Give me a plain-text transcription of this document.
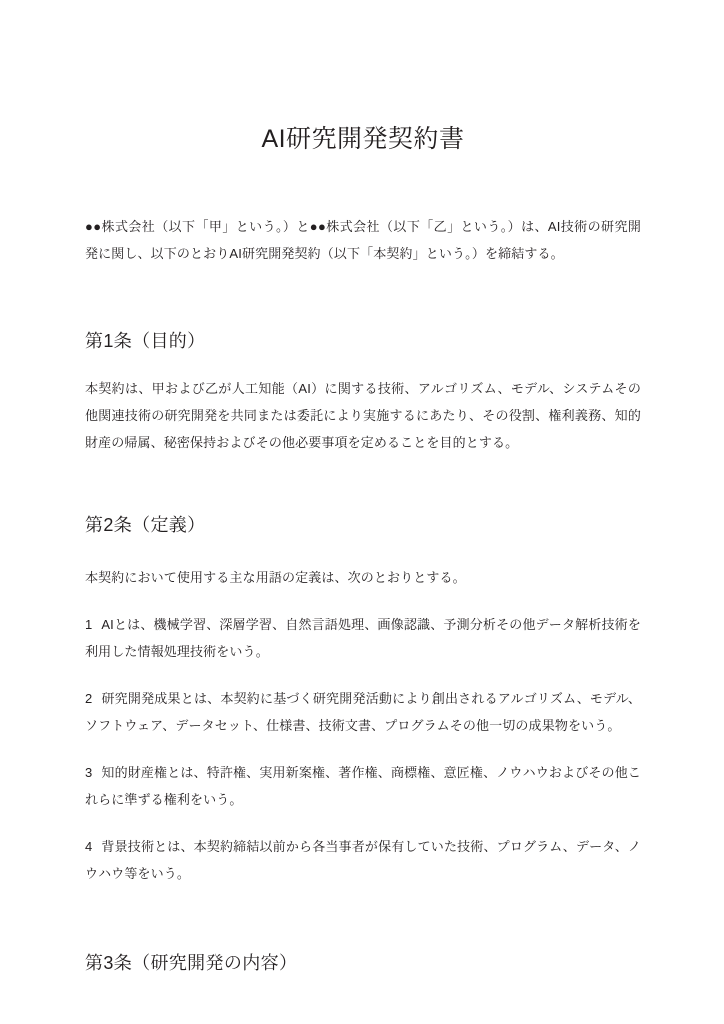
AI研究開発契約書

●●株式会社（以下「甲」という。）と●●株式会社（以下「乙」という。）は、AI技術の研究開発に関し、以下のとおりAI研究開発契約（以下「本契約」という。）を締結する。

第1条（目的）

本契約は、甲および乙が人工知能（AI）に関する技術、アルゴリズム、モデル、システムその他関連技術の研究開発を共同または委託により実施するにあたり、その役割、権利義務、知的財産の帰属、秘密保持およびその他必要事項を定めることを目的とする。

第2条（定義）

本契約において使用する主な用語の定義は、次のとおりとする。

1 AIとは、機械学習、深層学習、自然言語処理、画像認識、予測分析その他データ解析技術を利用した情報処理技術をいう。
2 研究開発成果とは、本契約に基づく研究開発活動により創出されるアルゴリズム、モデル、ソフトウェア、データセット、仕様書、技術文書、プログラムその他一切の成果物をいう。
3 知的財産権とは、特許権、実用新案権、著作権、商標権、意匠権、ノウハウおよびその他これらに準ずる権利をいう。
4 背景技術とは、本契約締結以前から各当事者が保有していた技術、プログラム、データ、ノウハウ等をいう。
第3条（研究開発の内容）
